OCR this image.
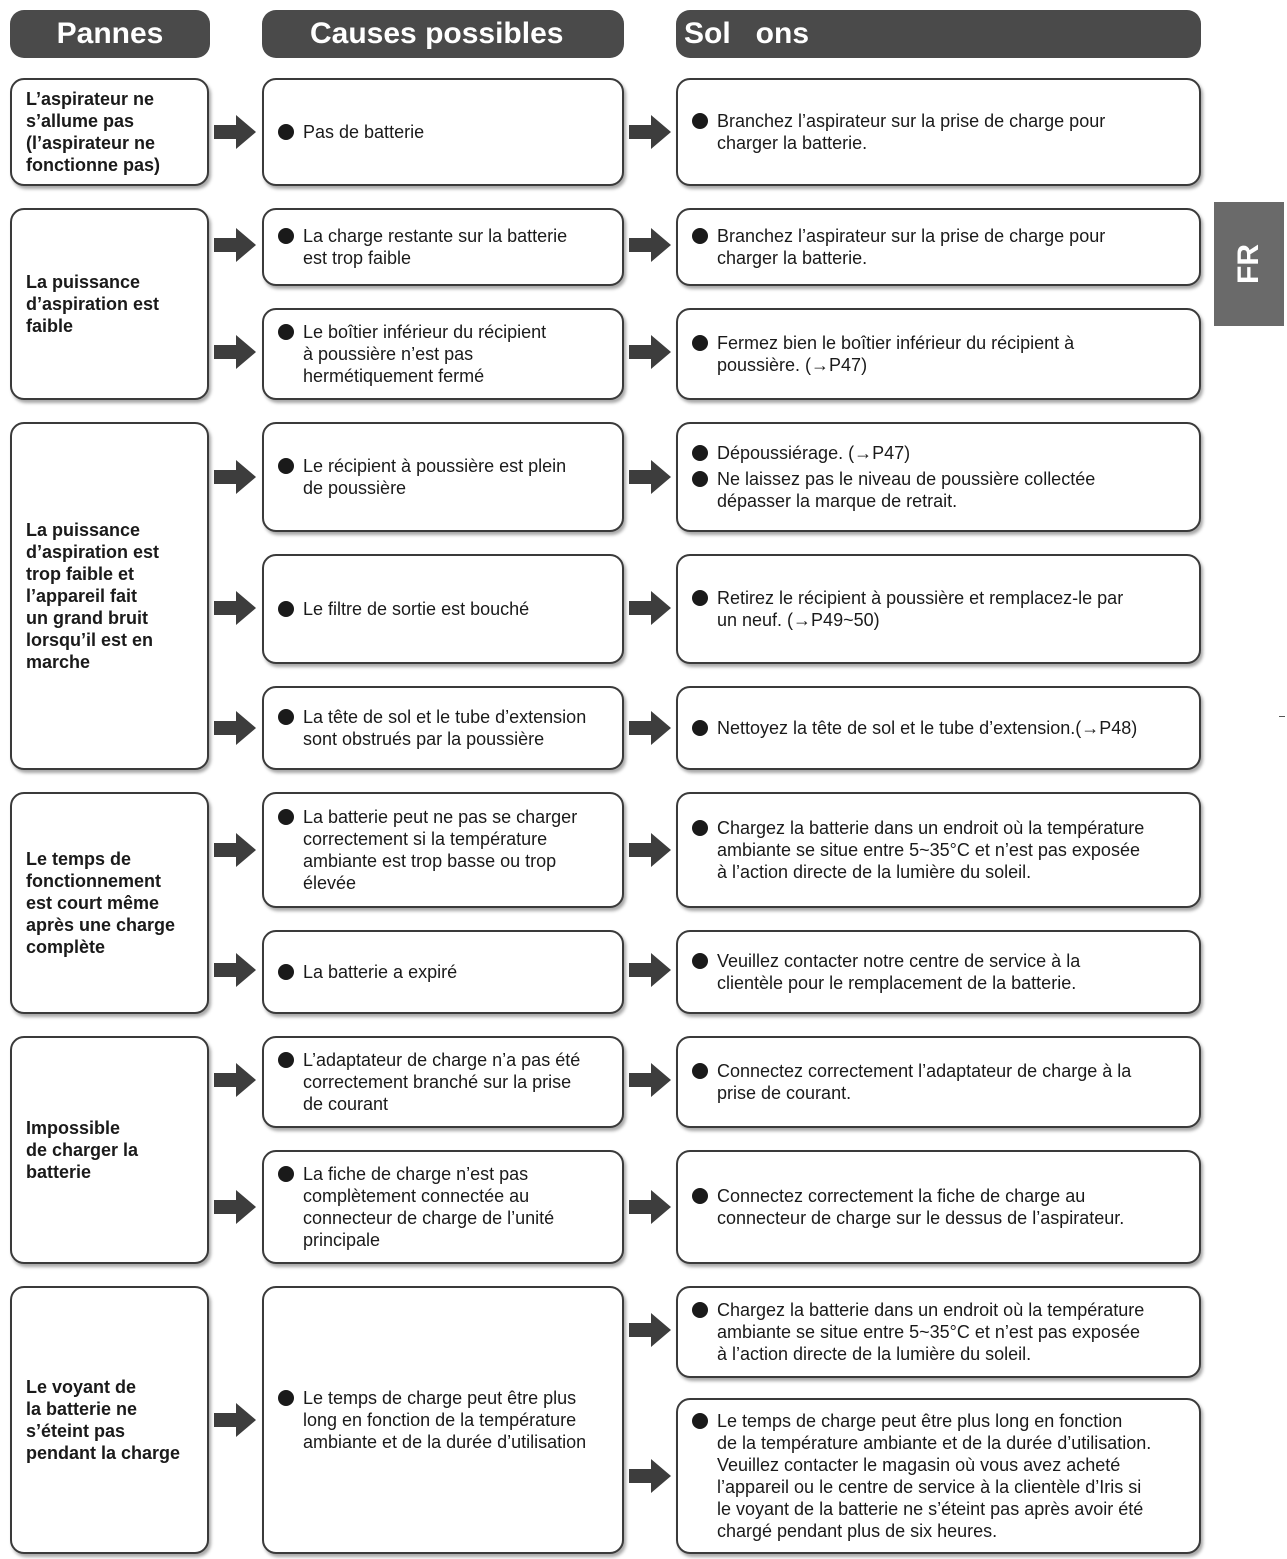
Pannes	Causes possibles	Sol   ons
FR
L’aspirateur ne
s’allume pas
(l’aspirateur ne
fonctionne pas)
Pas de batterie
Branchez l’aspirateur sur la prise de charge pour
charger la batterie.
La puissance
d’aspiration est
faible
La charge restante sur la batterie
est trop faible
Branchez l’aspirateur sur la prise de charge pour
charger la batterie.
Le boîtier inférieur du récipient
à poussière n’est pas
hermétiquement fermé
Fermez bien le boîtier inférieur du récipient à
poussière. (→P47)
La puissance
d’aspiration est
trop faible et
l’appareil fait
un grand bruit
lorsqu’il est en
marche
Le récipient à poussière est plein
de poussière
Dépoussiérage. (→P47)
Ne laissez pas le niveau de poussière collectée
dépasser la marque de retrait.
Le filtre de sortie est bouché
Retirez le récipient à poussière et remplacez-le par
un neuf. (→P49~50)
La tête de sol et le tube d’extension
sont obstrués par la poussière
Nettoyez la tête de sol et le tube d’extension.(→P48)
Le temps de
fonctionnement
est court même
après une charge
complète
La batterie peut ne pas se charger
correctement si la température
ambiante est trop basse ou trop
élevée
Chargez la batterie dans un endroit où la température
ambiante se situe entre 5~35°C et n’est pas exposée
à l’action directe de la lumière du soleil.
La batterie a expiré
Veuillez contacter notre centre de service à la
clientèle pour le remplacement de la batterie.
Impossible
de charger la
batterie
L’adaptateur de charge n’a pas été
correctement branché sur la prise
de courant
Connectez correctement l’adaptateur de charge à la
prise de courant.
La fiche de charge n’est pas
complètement connectée au
connecteur de charge de l’unité
principale
Connectez correctement la fiche de charge au
connecteur de charge sur le dessus de l’aspirateur.
Le voyant de
la batterie ne
s’éteint pas
pendant la charge
Le temps de charge peut être plus
long en fonction de la température
ambiante et de la durée d’utilisation
Chargez la batterie dans un endroit où la température
ambiante se situe entre 5~35°C et n’est pas exposée
à l’action directe de la lumière du soleil.
Le temps de charge peut être plus long en fonction
de la température ambiante et de la durée d’utilisation.
Veuillez contacter le magasin où vous avez acheté
l’appareil ou le centre de service à la clientèle d’Iris si
le voyant de la batterie ne s’éteint pas après avoir été
chargé pendant plus de six heures.
